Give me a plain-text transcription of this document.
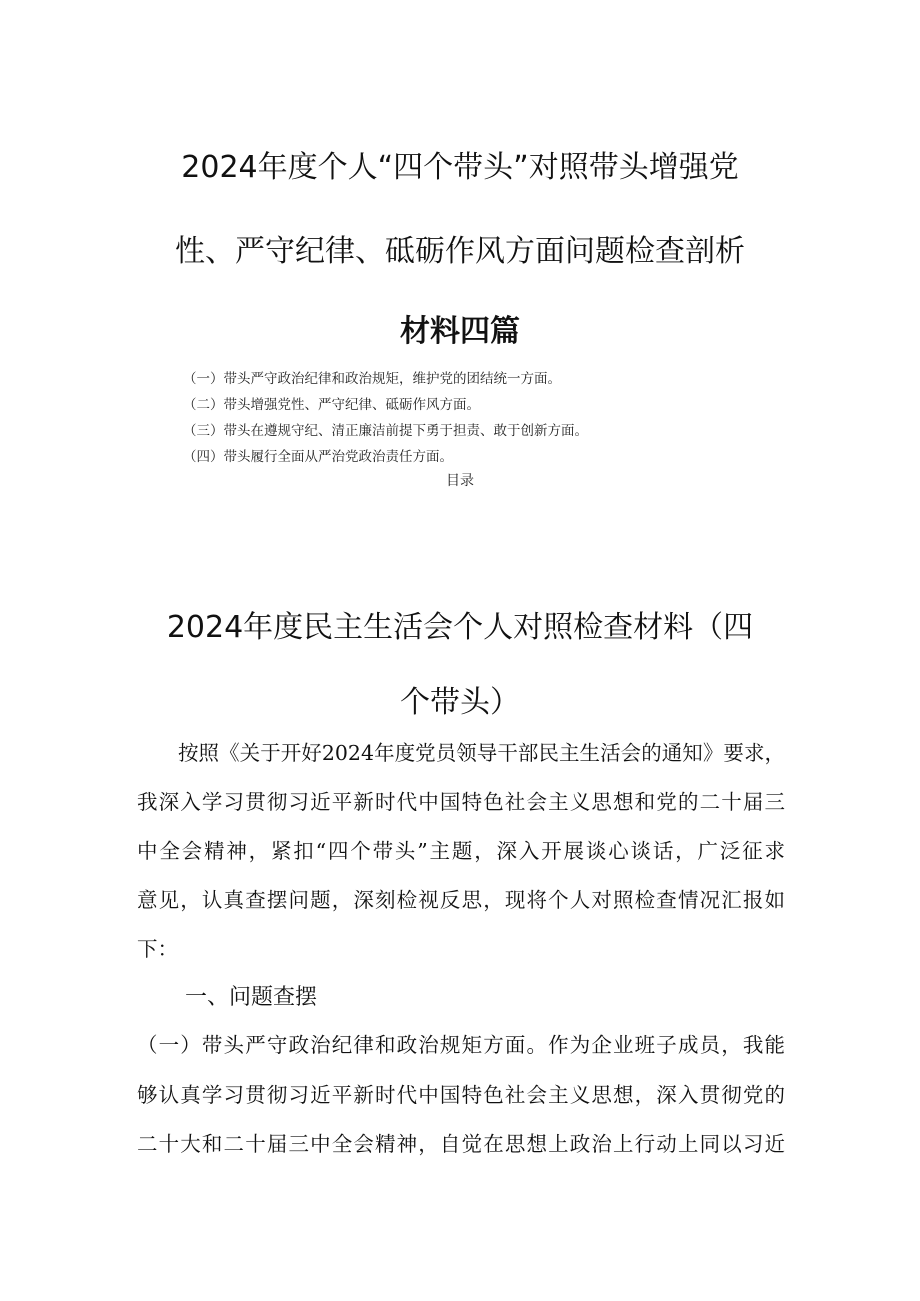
2024年度个人“四个带头”对照带头增强党
性、严守纪律、砥砺作风方面问题检查剖析
材料四篇
（一）带头严守政治纪律和政治规矩，维护党的团结统一方面。
（二）带头增强党性、严守纪律、砥砺作风方面。
（三）带头在遵规守纪、清正廉洁前提下勇于担责、敢于创新方面。
（四）带头履行全面从严治党政治责任方面。
目录
2024年度民主生活会个人对照检查材料（四
个带头）
按照《关于开好2024年度党员领导干部民主生活会的通知》要求，
我深入学习贯彻习近平新时代中国特色社会主义思想和党的二十届三
中全会精神，紧扣“四个带头”主题，深入开展谈心谈话，广泛征求
意见，认真查摆问题，深刻检视反思，现将个人对照检查情况汇报如
下：
一、问题查摆
（一）带头严守政治纪律和政治规矩方面。作为企业班子成员，我能
够认真学习贯彻习近平新时代中国特色社会主义思想，深入贯彻党的
二十大和二十届三中全会精神，自觉在思想上政治上行动上同以习近
